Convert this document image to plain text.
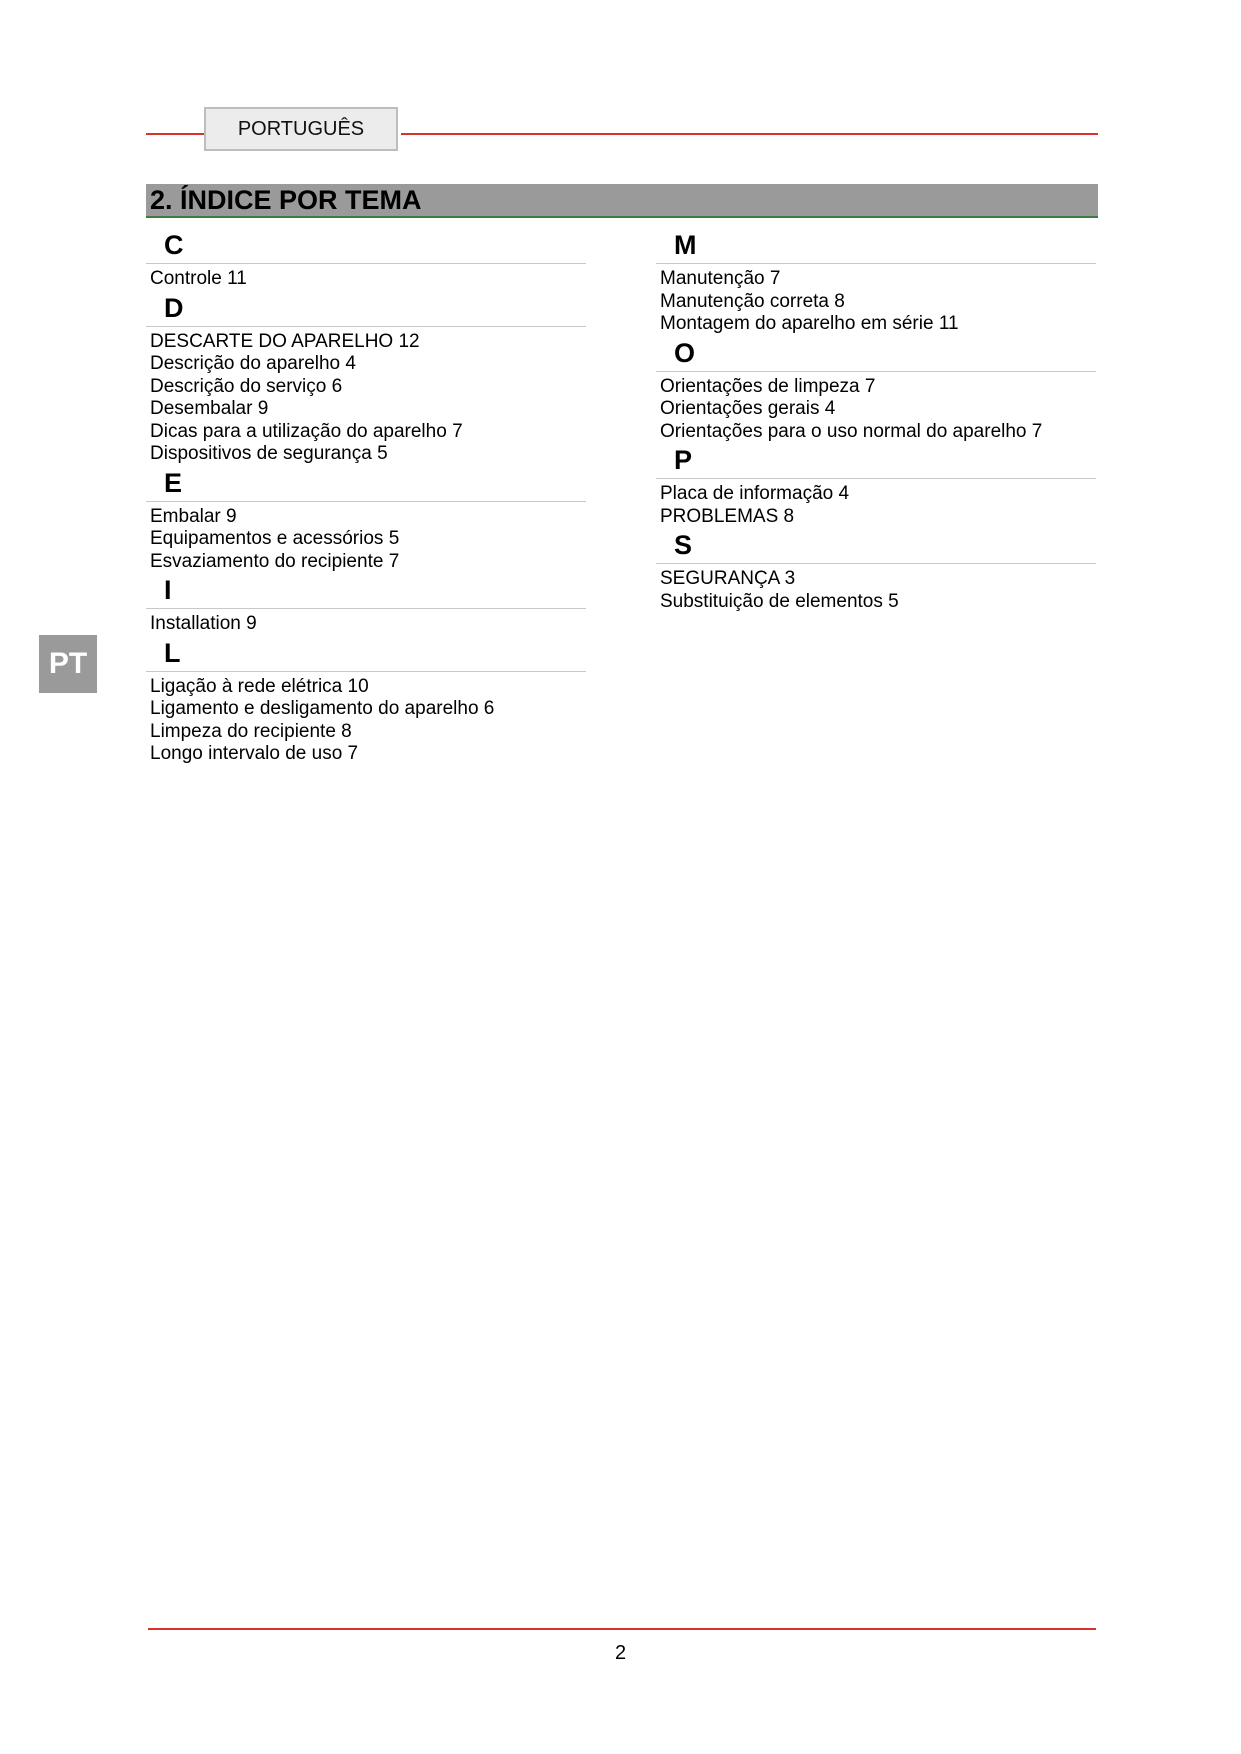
PORTUGUÊS
2. ÍNDICE POR TEMA
PT
C
Controle 11
D
DESCARTE DO APARELHO 12
Descrição do aparelho 4
Descrição do serviço 6
Desembalar 9
Dicas para a utilização do aparelho 7
Dispositivos de segurança 5
E
Embalar 9
Equipamentos e acessórios 5
Esvaziamento do recipiente 7
I
Installation 9
L
Ligação à rede elétrica 10
Ligamento e desligamento do aparelho 6
Limpeza do recipiente 8
Longo intervalo de uso 7
M
Manutenção 7
Manutenção correta 8
Montagem do aparelho em série 11
O
Orientações de limpeza 7
Orientações gerais 4
Orientações para o uso normal do aparelho 7
P
Placa de informação 4
PROBLEMAS 8
S
SEGURANÇA 3
Substituição de elementos 5
2
